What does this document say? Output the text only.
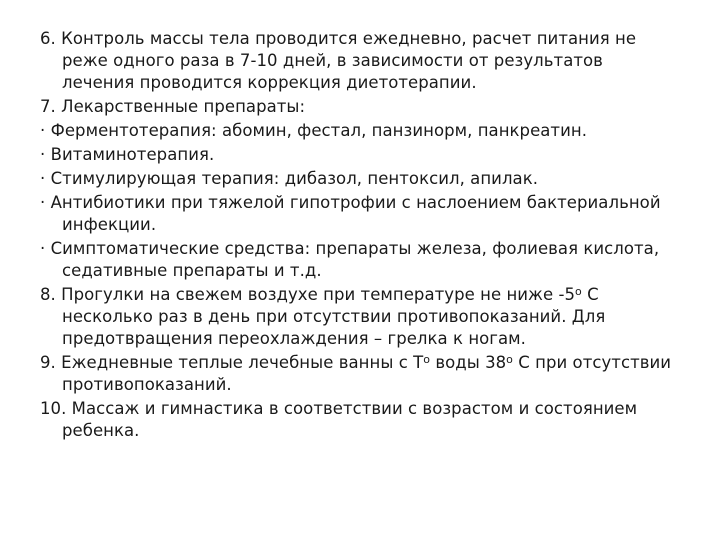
6. Контроль массы тела проводится ежедневно, расчет питания не реже одного раза в 7-10 дней, в зависимости от результатов лечения проводится коррекция диетотерапии.

7. Лекарственные препараты:

· Ферментотерапия: абомин, фестал, панзинорм, панкреатин.

· Витаминотерапия.

· Стимулирующая терапия: дибазол, пентоксил, апилак.

· Антибиотики при тяжелой гипотрофии с наслоением бактериальной инфекции.

· Симптоматические средства: препараты железа, фолиевая кислота, седативные препараты и т.д.

8. Прогулки на свежем воздухе при температуре не ниже $-5^о$ С несколько раз в день при отсутствии противопоказаний. Для предотвращения переохлаждения – грелка к ногам.

9. Ежедневные теплые лечебные ванны с $Т^о$ воды $38^о$ С при отсутствии противопоказаний.

10. Массаж и гимнастика в соответствии с возрастом и состоянием ребенка.
